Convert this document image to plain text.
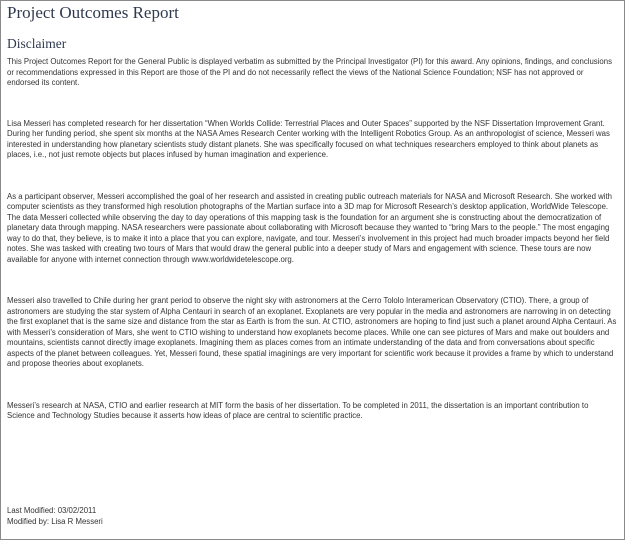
Project Outcomes Report
Disclaimer

This Project Outcomes Report for the General Public is displayed verbatim as submitted by the Principal Investigator (PI) for this award. Any opinions, findings, and conclusions or recommendations expressed in this Report are those of the PI and do not necessarily reflect the views of the National Science Foundation; NSF has not approved or endorsed its content.

Lisa Messeri has completed research for her dissertation “When Worlds Collide: Terrestrial Places and Outer Spaces” supported by the NSF Dissertation Improvement Grant. During her funding period, she spent six months at the NASA Ames Research Center working with the Intelligent Robotics Group. As an anthropologist of science, Messeri was interested in understanding how planetary scientists study distant planets. She was specifically focused on what techniques researchers employed to think about planets as places, i.e., not just remote objects but places infused by human imagination and experience.

As a participant observer, Messeri accomplished the goal of her research and assisted in creating public outreach materials for NASA and Microsoft Research. She worked with computer scientists as they transformed high resolution photographs of the Martian surface into a 3D map for Microsoft Research’s desktop application, WorldWide Telescope. The data Messeri collected while observing the day to day operations of this mapping task is the foundation for an argument she is constructing about the democratization of planetary data through mapping. NASA researchers were passionate about collaborating with Microsoft because they wanted to “bring Mars to the people.” The most engaging way to do that, they believe, is to make it into a place that you can explore, navigate, and tour. Messeri’s involvement in this project had much broader impacts beyond her field notes. She was tasked with creating two tours of Mars that would draw the general public into a deeper study of Mars and engagement with science. These tours are now available for anyone with internet connection through www.worldwidetelescope.org.

Messeri also travelled to Chile during her grant period to observe the night sky with astronomers at the Cerro Tololo Interamerican Observatory (CTIO). There, a group of astronomers are studying the star system of Alpha Centauri in search of an exoplanet. Exoplanets are very popular in the media and astronomers are narrowing in on detecting the first exoplanet that is the same size and distance from the star as Earth is from the sun. At CTIO, astronomers are hoping to find just such a planet around Alpha Centauri. As with Messeri’s consideration of Mars, she went to CTIO wishing to understand how exoplanets become places. While one can see pictures of Mars and make out boulders and mountains, scientists cannot directly image exoplanets. Imagining them as places comes from an intimate understanding of the data and from conversations about specific aspects of the planet between colleagues. Yet, Messeri found, these spatial imaginings are very important for scientific work because it provides a frame by which to understand and propose theories about exoplanets.

Messeri’s research at NASA, CTIO and earlier research at MIT form the basis of her dissertation. To be completed in 2011, the dissertation is an important contribution to Science and Technology Studies because it asserts how ideas of place are central to scientific practice.

Last Modified: 03/02/2011
Modified by: Lisa R Messeri
